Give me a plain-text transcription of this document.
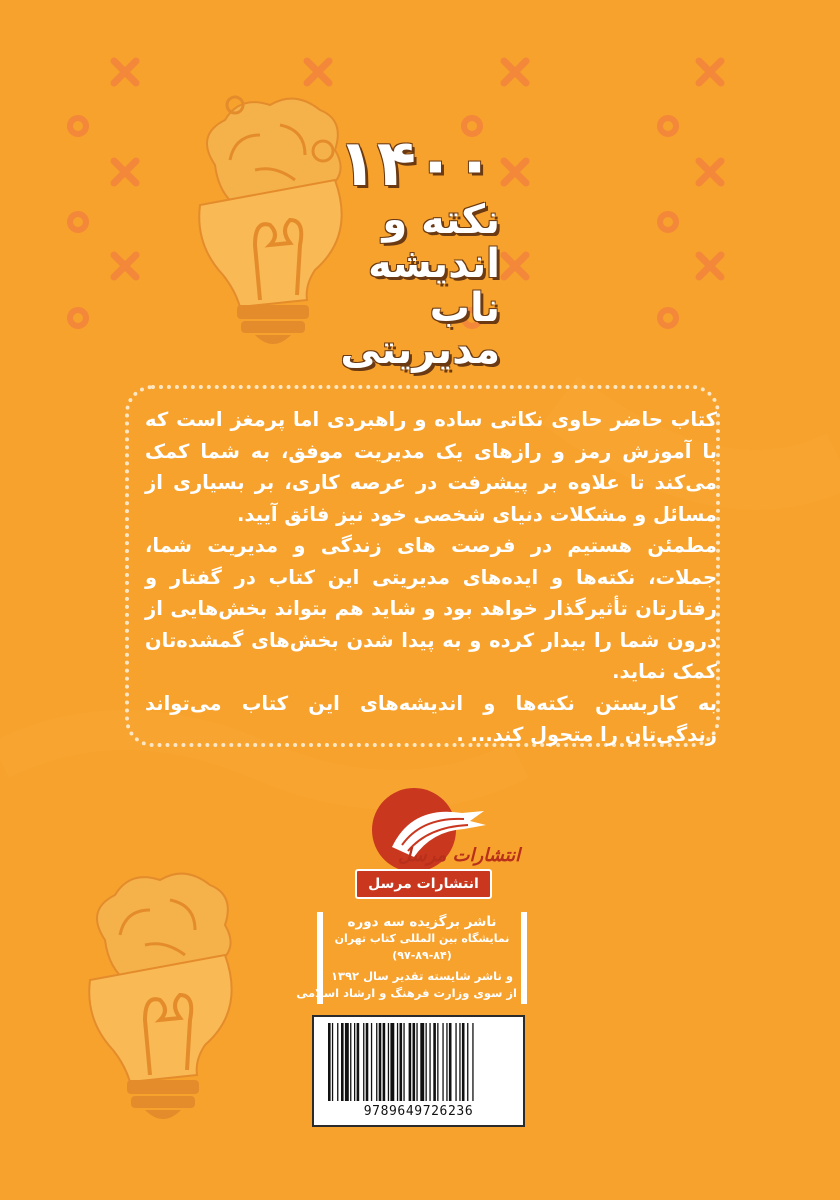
۱۴۰۰
نکته و
اندیشه
ناب
مدیریتی

کتاب حاضر حاوی نکاتی ساده و راهبردی اما پرمغز است که با آموزش رمز و رازهای یک مدیریت موفق، به شما کمک می‌کند تا علاوه بر پیشرفت در عرصه کاری، بر بسیاری از مسائل و مشکلات دنیای شخصی خود نیز فائق آیید.

مطمئن هستیم در فرصت های زندگی و مدیریت شما، جملات، نکته‌ها و ایده‌های مدیریتی این کتاب در گفتار و رفتارتان تأثیرگذار خواهد بود و شاید هم بتواند بخش‌هایی از درون شما را بیدار کرده و به پیدا شدن بخش‌های گمشده‌تان کمک نماید.

به کاربستن نکته‌ها و اندیشه‌های این کتاب می‌تواند زندگی‌تان را متحول کند... .

انتشارات مرسل
انتشارات مرسل
ناشر برگزیده سه دوره
نمایشگاه بین المللی کتاب تهران
(۹۷-۸۹-۸۴)
و ناشر شایسته تقدیر سال ۱۳۹۲
از سوی وزارت فرهنگ و ارشاد اسلامی
9789649726236
